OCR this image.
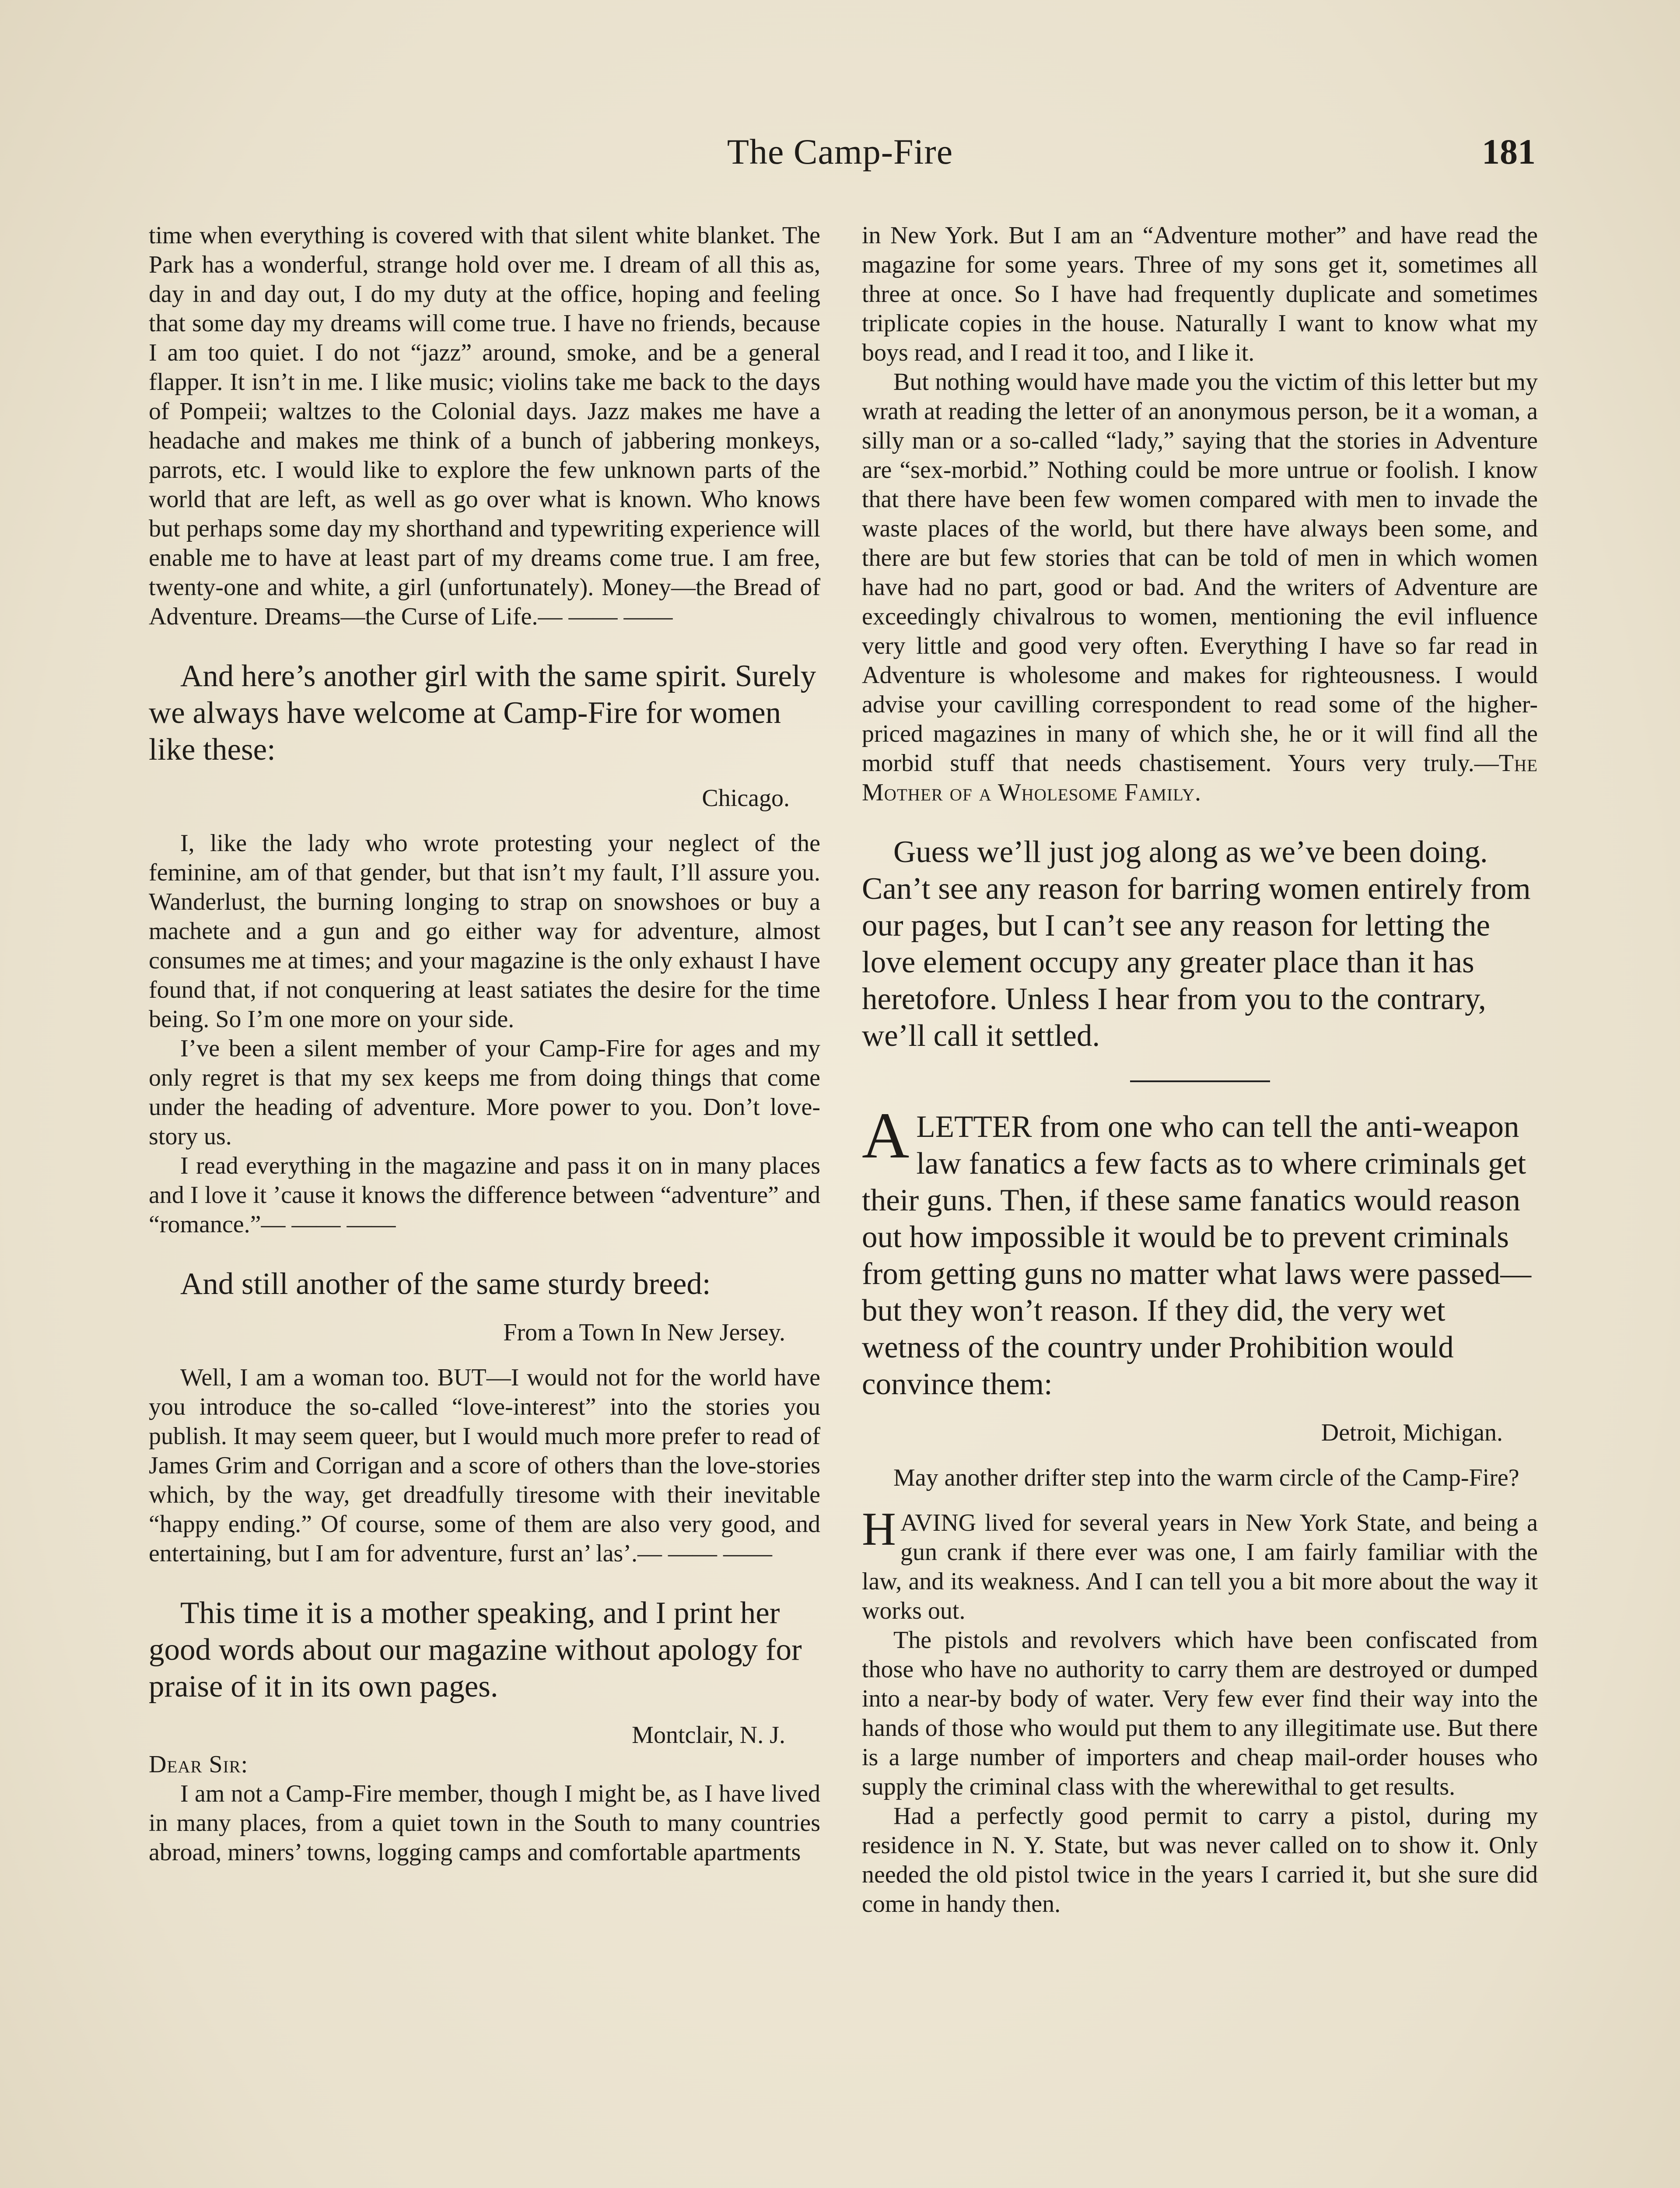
The Camp-Fire	181

time when everything is covered with that silent white blanket. The Park has a wonderful, strange hold over me. I dream of all this as, day in and day out, I do my duty at the office, hoping and feeling that some day my dreams will come true. I have no friends, because I am too quiet. I do not “jazz” around, smoke, and be a general flapper. It isn’t in me. I like music; violins take me back to the days of Pompeii; waltzes to the Colonial days. Jazz makes me have a headache and makes me think of a bunch of jabbering monkeys, parrots, etc. I would like to explore the few unknown parts of the world that are left, as well as go over what is known. Who knows but perhaps some day my shorthand and typewriting experience will enable me to have at least part of my dreams come true. I am free, twenty-one and white, a girl (unfortunately). Money—the Bread of Adventure. Dreams—the Curse of Life.— —— ——

And here’s another girl with the same spirit. Surely we always have welcome at Camp-Fire for women like these:

Chicago.

I, like the lady who wrote protesting your neglect of the feminine, am of that gender, but that isn’t my fault, I’ll assure you. Wanderlust, the burning longing to strap on snowshoes or buy a machete and a gun and go either way for adventure, almost consumes me at times; and your magazine is the only exhaust I have found that, if not conquering at least satiates the desire for the time being. So I’m one more on your side.

I’ve been a silent member of your Camp-Fire for ages and my only regret is that my sex keeps me from doing things that come under the heading of adventure. More power to you. Don’t love-story us.

I read everything in the magazine and pass it on in many places and I love it ’cause it knows the difference between “adventure” and “romance.”— —— ——

And still another of the same sturdy breed:

From a Town In New Jersey.

Well, I am a woman too. BUT—I would not for the world have you introduce the so-called “love-interest” into the stories you publish. It may seem queer, but I would much more prefer to read of James Grim and Corrigan and a score of others than the love-stories which, by the way, get dreadfully tiresome with their inevitable “happy ending.” Of course, some of them are also very good, and entertaining, but I am for adventure, furst an’ las’.— —— ——

This time it is a mother speaking, and I print her good words about our magazine without apology for praise of it in its own pages.

Montclair, N. J.

Dear Sir:

I am not a Camp-Fire member, though I might be, as I have lived in many places, from a quiet town in the South to many countries abroad, miners’ towns, logging camps and comfortable apartments

in New York. But I am an “Adventure mother” and have read the magazine for some years. Three of my sons get it, sometimes all three at once. So I have had frequently duplicate and sometimes triplicate copies in the house. Naturally I want to know what my boys read, and I read it too, and I like it.

But nothing would have made you the victim of this letter but my wrath at reading the letter of an anonymous person, be it a woman, a silly man or a so-called “lady,” saying that the stories in Adventure are “sex-morbid.” Nothing could be more untrue or foolish. I know that there have been few women compared with men to invade the waste places of the world, but there have always been some, and there are but few stories that can be told of men in which women have had no part, good or bad. And the writers of Adventure are exceedingly chivalrous to women, mentioning the evil influence very little and good very often. Everything I have so far read in Adventure is wholesome and makes for righteousness. I would advise your cavilling correspondent to read some of the higher-priced magazines in many of which she, he or it will find all the morbid stuff that needs chastisement. Yours very truly.—The Mother of a Wholesome Family.

Guess we’ll just jog along as we’ve been doing. Can’t see any reason for barring women entirely from our pages, but I can’t see any reason for letting the love element occupy any greater place than it has heretofore. Unless I hear from you to the contrary, we’ll call it settled.

ALETTER from one who can tell the anti-weapon law fanatics a few facts as to where criminals get their guns. Then, if these same fanatics would reason out how impossible it would be to prevent criminals from getting guns no matter what laws were passed—but they won’t reason. If they did, the very wet wetness of the country under Prohibition would convince them:

Detroit, Michigan.

May another drifter step into the warm circle of the Camp-Fire?

HAVING lived for several years in New York State, and being a gun crank if there ever was one, I am fairly familiar with the law, and its weakness. And I can tell you a bit more about the way it works out.

The pistols and revolvers which have been confiscated from those who have no authority to carry them are destroyed or dumped into a near-by body of water. Very few ever find their way into the hands of those who would put them to any illegitimate use. But there is a large number of importers and cheap mail-order houses who supply the criminal class with the wherewithal to get results.

Had a perfectly good permit to carry a pistol, during my residence in N. Y. State, but was never called on to show it. Only needed the old pistol twice in the years I carried it, but she sure did come in handy then.
